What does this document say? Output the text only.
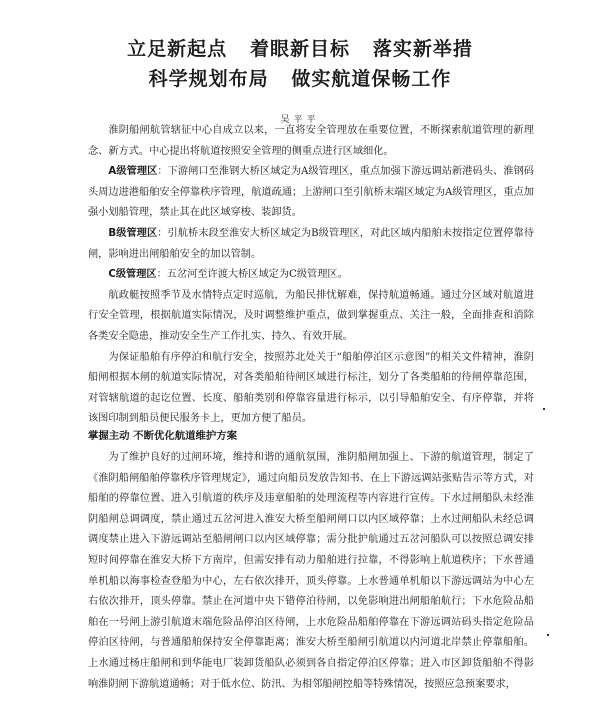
立足新起点   着眼新目标   落实新举措
科学规划布局   做实航道保畅工作
吴平平

淮阴船闸航管辖征中心自成立以来，一直将安全管理放在重要位置，不断探索航道管理的新理念、新方式。中心提出将航道按照安全管理的侧重点进行区域细化。

A级管理区：下游闸口至淮钢大桥区域定为A级管理区，重点加强下游远调站新港码头、淮钢码头周边进港船舶安全停靠秩序管理，航道疏通；上游闸口至引航桥末端区域定为A级管理区，重点加强小划船管理，禁止其在此区域穿梭、装卸货。

B级管理区：引航桥末段至淮安大桥区域定为B级管理区，对此区域内船舶未按指定位置停靠待闸，影响进出闸船舶安全的加以管制。

C级管理区：五岔河至许渡大桥区域定为C级管理区。

航政艇按照季节及水情特点定时巡航，为船民排忧解难，保持航道畅通。通过分区域对航道进行安全管理，根据航道实际情况，及时调整维护重点，做到掌握重点、关注一般，全面排查和消除各类安全隐患，推动安全生产工作扎实、持久、有效开展。

为保证船舶有序停泊和航行安全，按照苏北处关于“船舶停泊区示意图”的相关文件精神，淮阴船闸根据本闸的航道实际情况，对各类船舶待闸区域进行标注，划分了各类船舶的待闸停靠范围，对管辖航道的起讫位置、长度、船舶类别和停靠容量进行标示，以引导船舶安全、有序停靠，并将该图印制到船员便民服务卡上，更加方便了船员。

掌握主动 不断优化航道维护方案

为了维护良好的过闸环境，维持和谐的通航氛围，淮阴船闸加强上、下游的航道管理，制定了《淮阴船闸船舶停靠秩序管理规定》，通过向船员发放告知书、在上下游远调站张贴告示等方式，对船舶的停靠位置、进入引航道的秩序及违章船舶的处理流程等内容进行宣传。下水过闸船队未经淮阴船闸总调调度，禁止通过五岔河进入淮安大桥至船闸闸口以内区域停靠；上水过闸船队未经总调调度禁止进入下游远调站至船闸闸口以内区域停靠；需分批护航通过五岔河船队可以按照总调安排短时间停靠在淮安大桥下方南岸，但需安排有动力船舶进行拉靠，不得影响上航道秩序；下水普通单机船以海事检查登船为中心，左右依次排开，顶头停靠。上水普通单机船以下游远调站为中心左右依次排开，顶头停靠。禁止在河道中央下错停泊待闸，以免影响进出闸船舶航行；下水危险品船舶在一号闸上游引航道末端危险品停泊区待闸，上水危险品船舶停靠在下游远调站码头指定危险品停泊区待闸，与普通船舶保持安全停靠距离；淮安大桥至船闸引航道以内河道北岸禁止停靠船舶。上水通过杨庄船闸和到华能电厂装卸货船队必须到各自指定停泊区停靠；进入市区卸货船舶不得影响淮阴闸下游航道通畅；对于低水位、防汛、为相邻船闸控船等特殊情况，按照应急预案要求，
